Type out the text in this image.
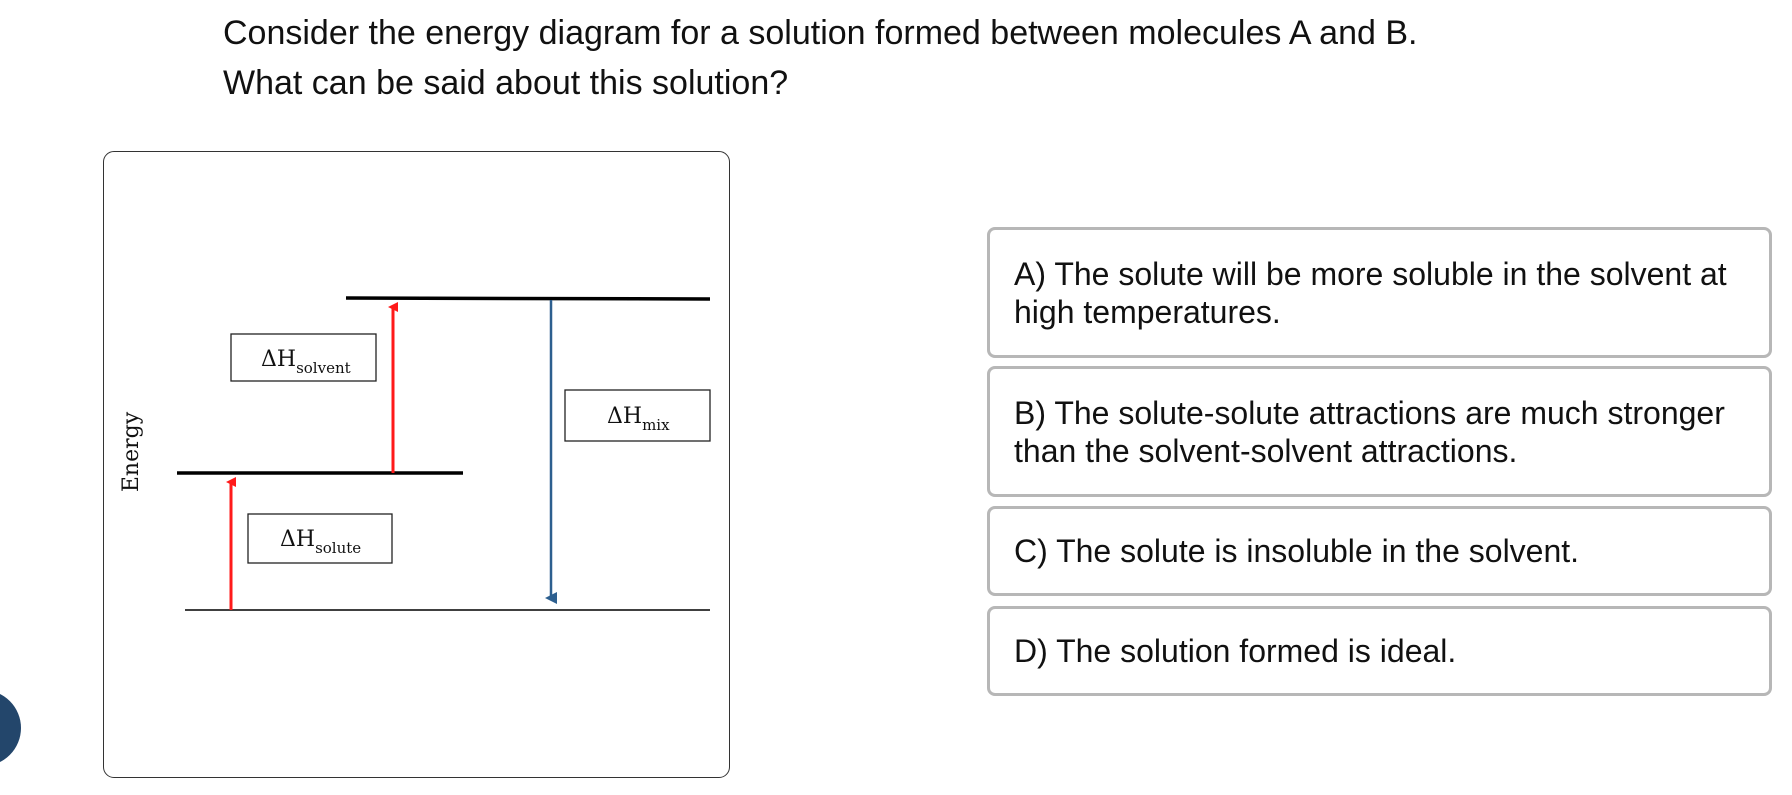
Consider the energy diagram for a solution formed between molecules A and B.
What can be said about this solution?
Energy
$\Delta H_{solvent}$
$\Delta H_{solute}$
$\Delta H_{mix}$
A) The solute will be more soluble in the solvent at high temperatures.
B) The solute-solute attractions are much stronger than the solvent-solvent attractions.
C) The solute is insoluble in the solvent.
D) The solution formed is ideal.
